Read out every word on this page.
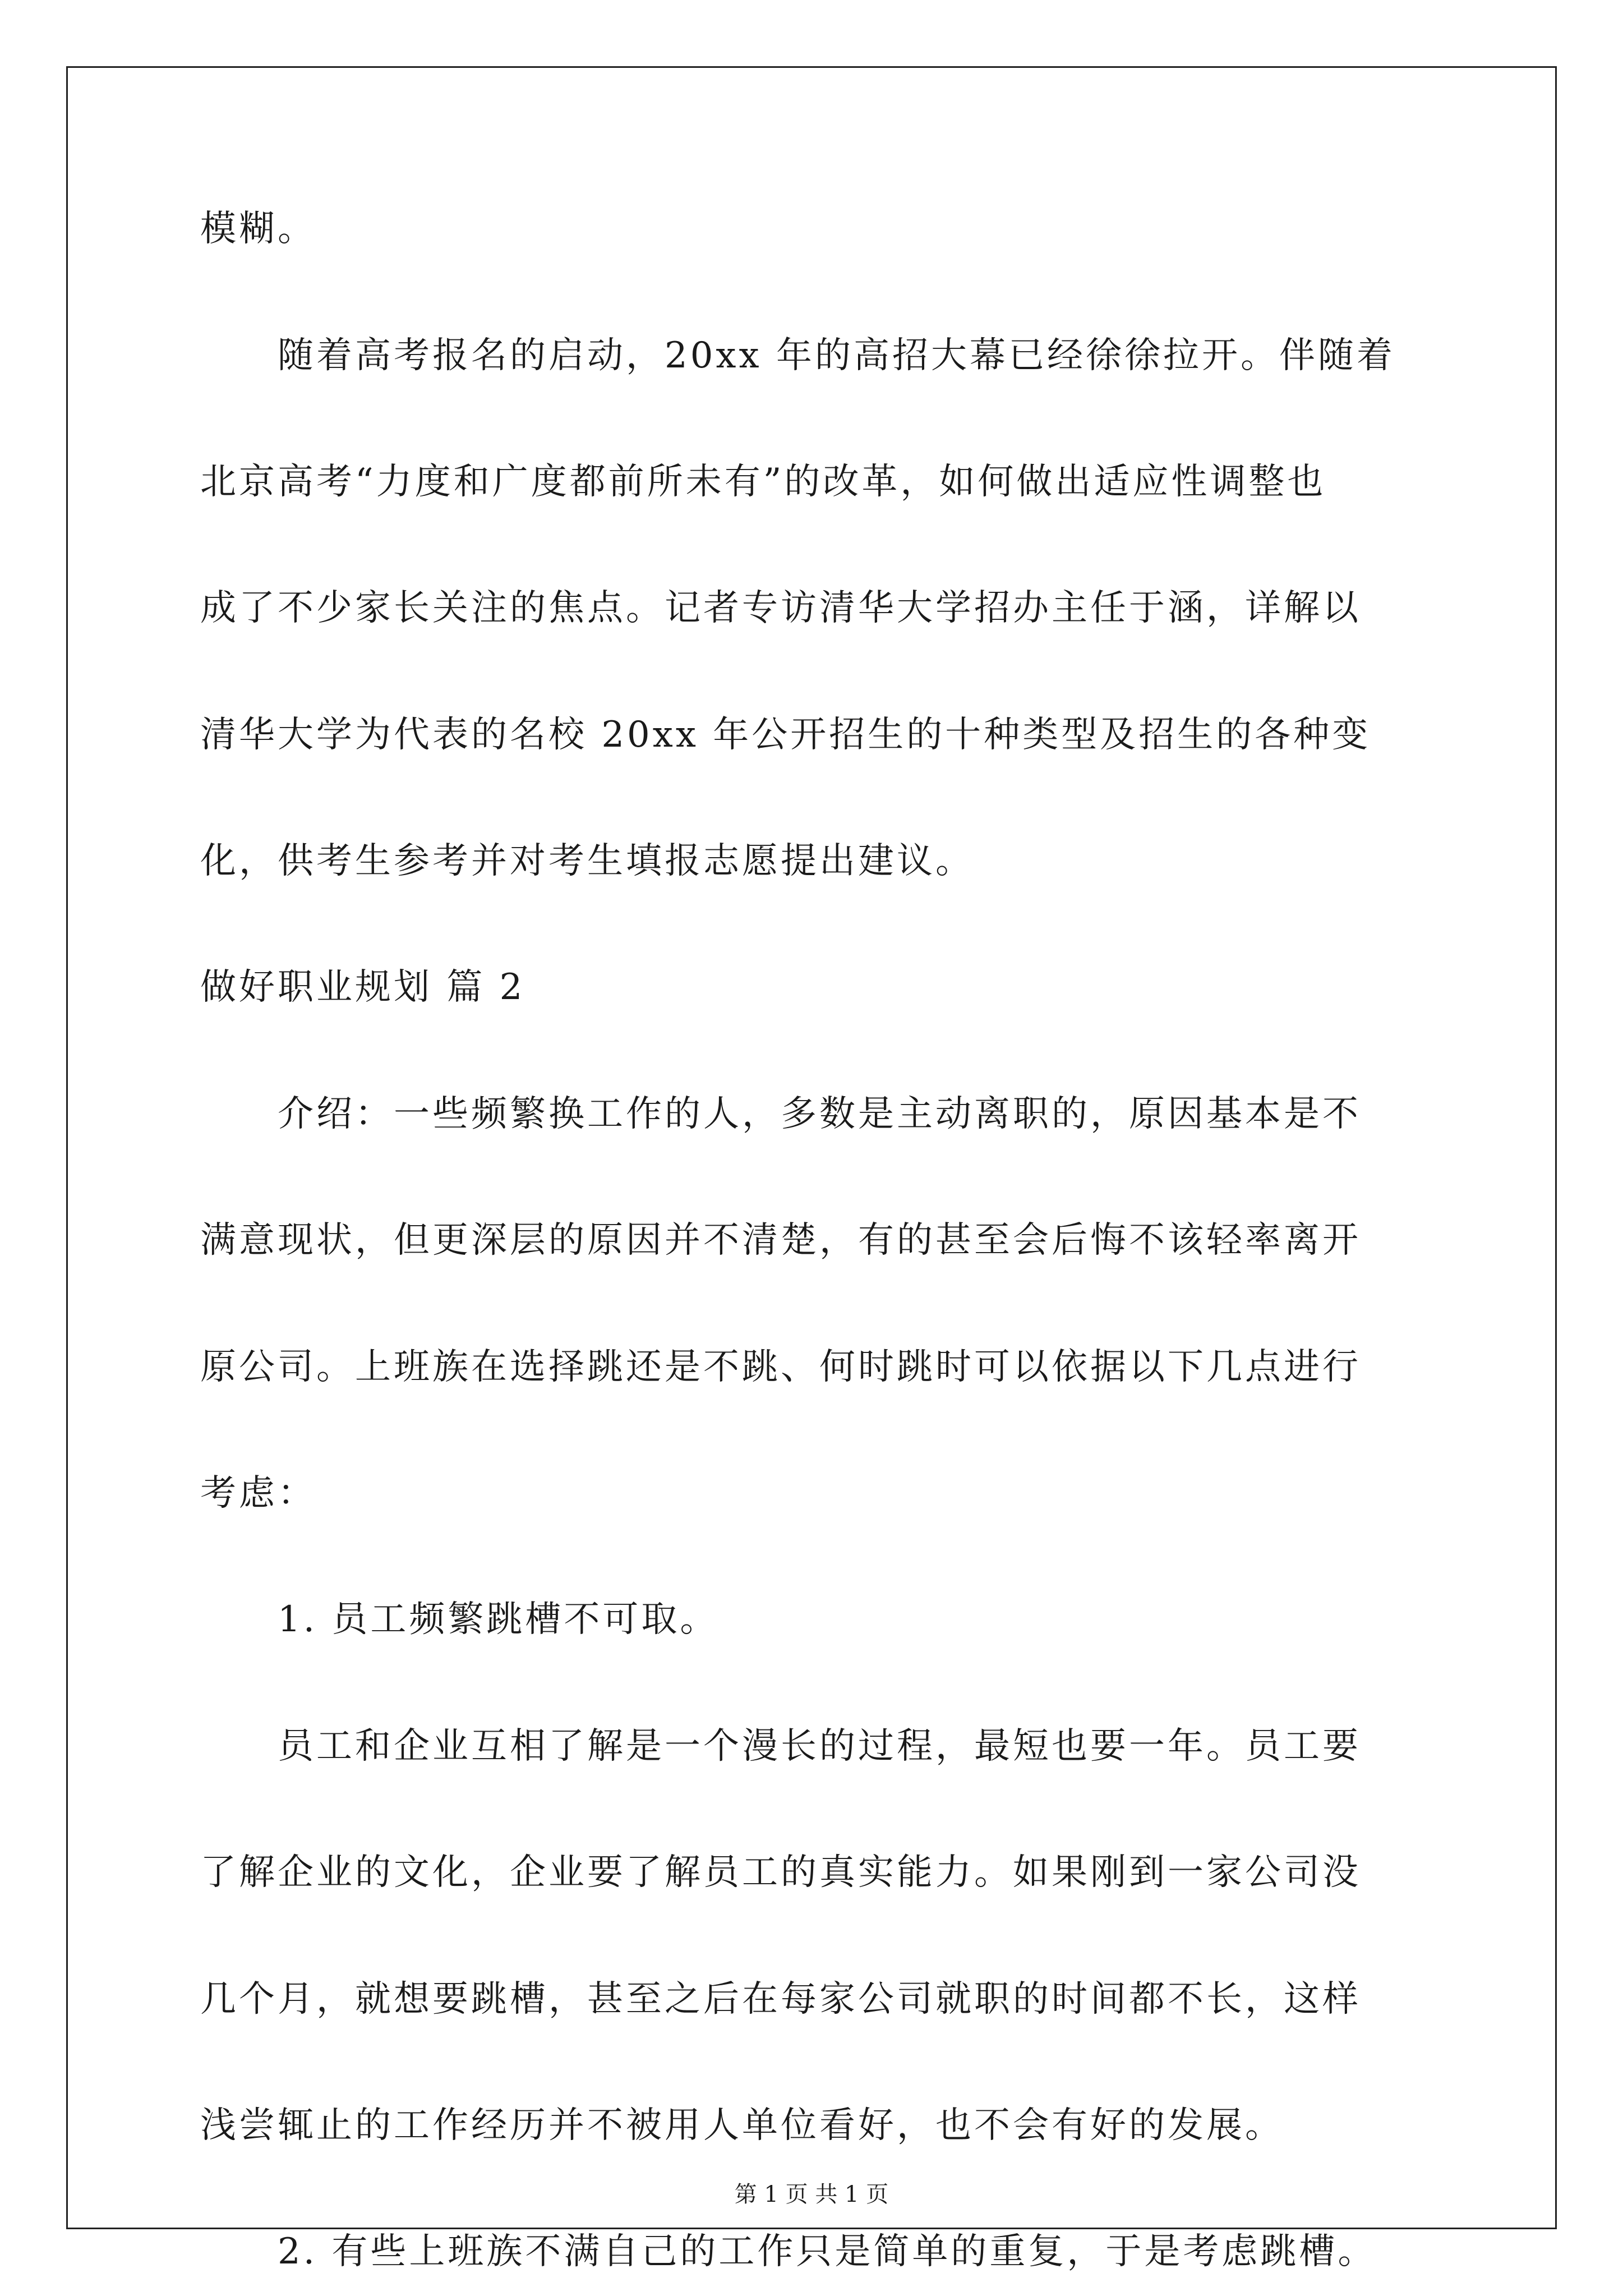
模糊。
随着高考报名的启动，20xx 年的高招大幕已经徐徐拉开。伴随着
北京高考“力度和广度都前所未有”的改革，如何做出适应性调整也
成了不少家长关注的焦点。记者专访清华大学招办主任于涵，详解以
清华大学为代表的名校 20xx 年公开招生的十种类型及招生的各种变
化，供考生参考并对考生填报志愿提出建议。
做好职业规划 篇 2
介绍：一些频繁换工作的人，多数是主动离职的，原因基本是不
满意现状，但更深层的原因并不清楚，有的甚至会后悔不该轻率离开
原公司。上班族在选择跳还是不跳、何时跳时可以依据以下几点进行
考虑：
1. 员工频繁跳槽不可取。
员工和企业互相了解是一个漫长的过程，最短也要一年。员工要
了解企业的文化，企业要了解员工的真实能力。如果刚到一家公司没
几个月，就想要跳槽，甚至之后在每家公司就职的时间都不长，这样
浅尝辄止的工作经历并不被用人单位看好，也不会有好的发展。
2. 有些上班族不满自己的工作只是简单的重复，于是考虑跳槽。
第 1 页 共 1 页
